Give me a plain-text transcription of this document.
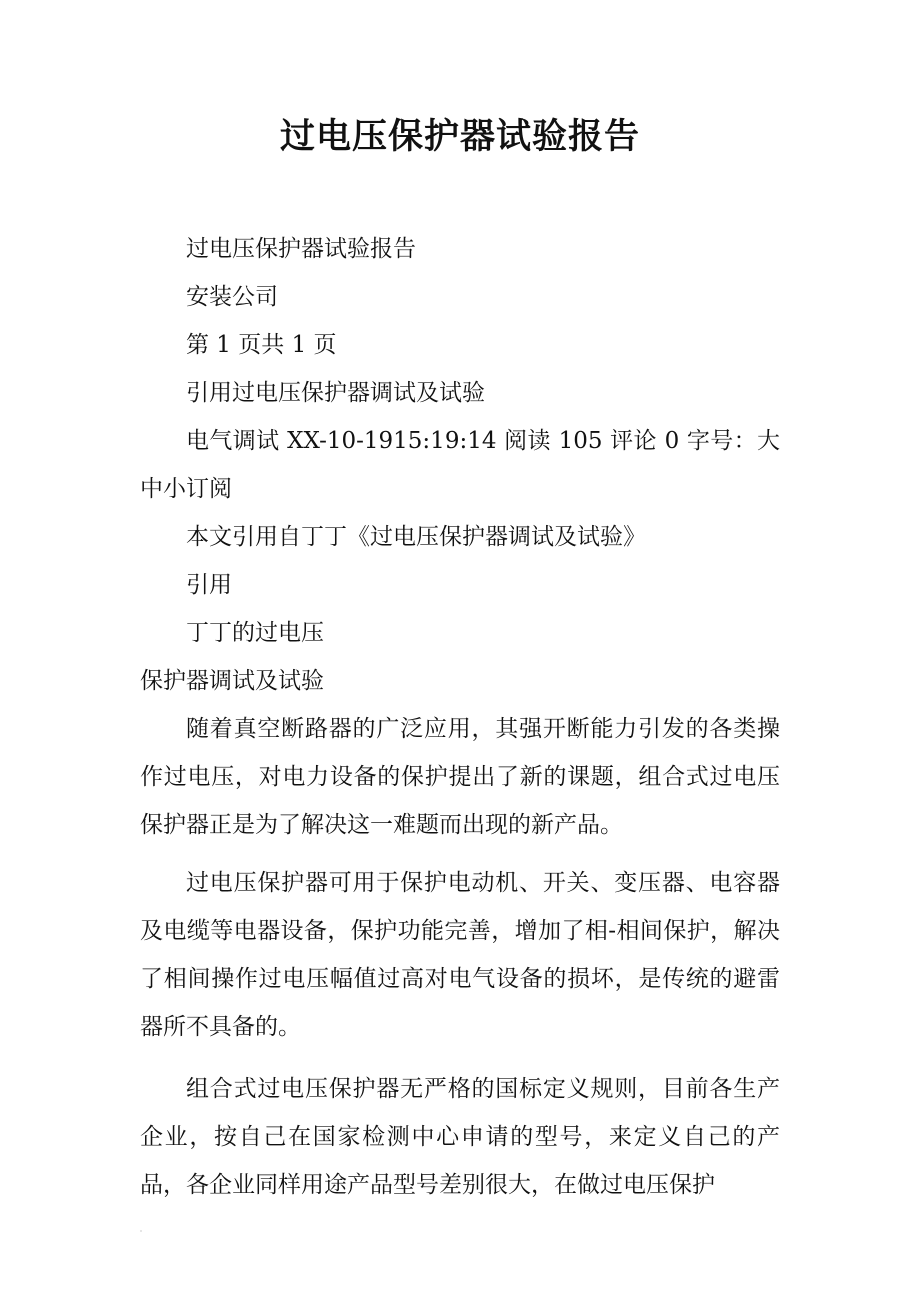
过电压保护器试验报告

过电压保护器试验报告

安装公司

第 1 页共 1 页

引用过电压保护器调试及试验

电气调试 XX-10-1915:19:14 阅读 105 评论 0 字号：大中小订阅

本文引用自丁丁《过电压保护器调试及试验》

引用

丁丁的过电压

保护器调试及试验

随着真空断路器的广泛应用，其强开断能力引发的各类操作过电压，对电力设备的保护提出了新的课题，组合式过电压保护器正是为了解决这一难题而出现的新产品。

过电压保护器可用于保护电动机、开关、变压器、电容器及电缆等电器设备，保护功能完善，增加了相-相间保护，解决了相间操作过电压幅值过高对电气设备的损坏，是传统的避雷器所不具备的。

组合式过电压保护器无严格的国标定义规则，目前各生产企业，按自己在国家检测中心申请的型号，来定义自己的产品，各企业同样用途产品型号差别很大，在做过电压保护
